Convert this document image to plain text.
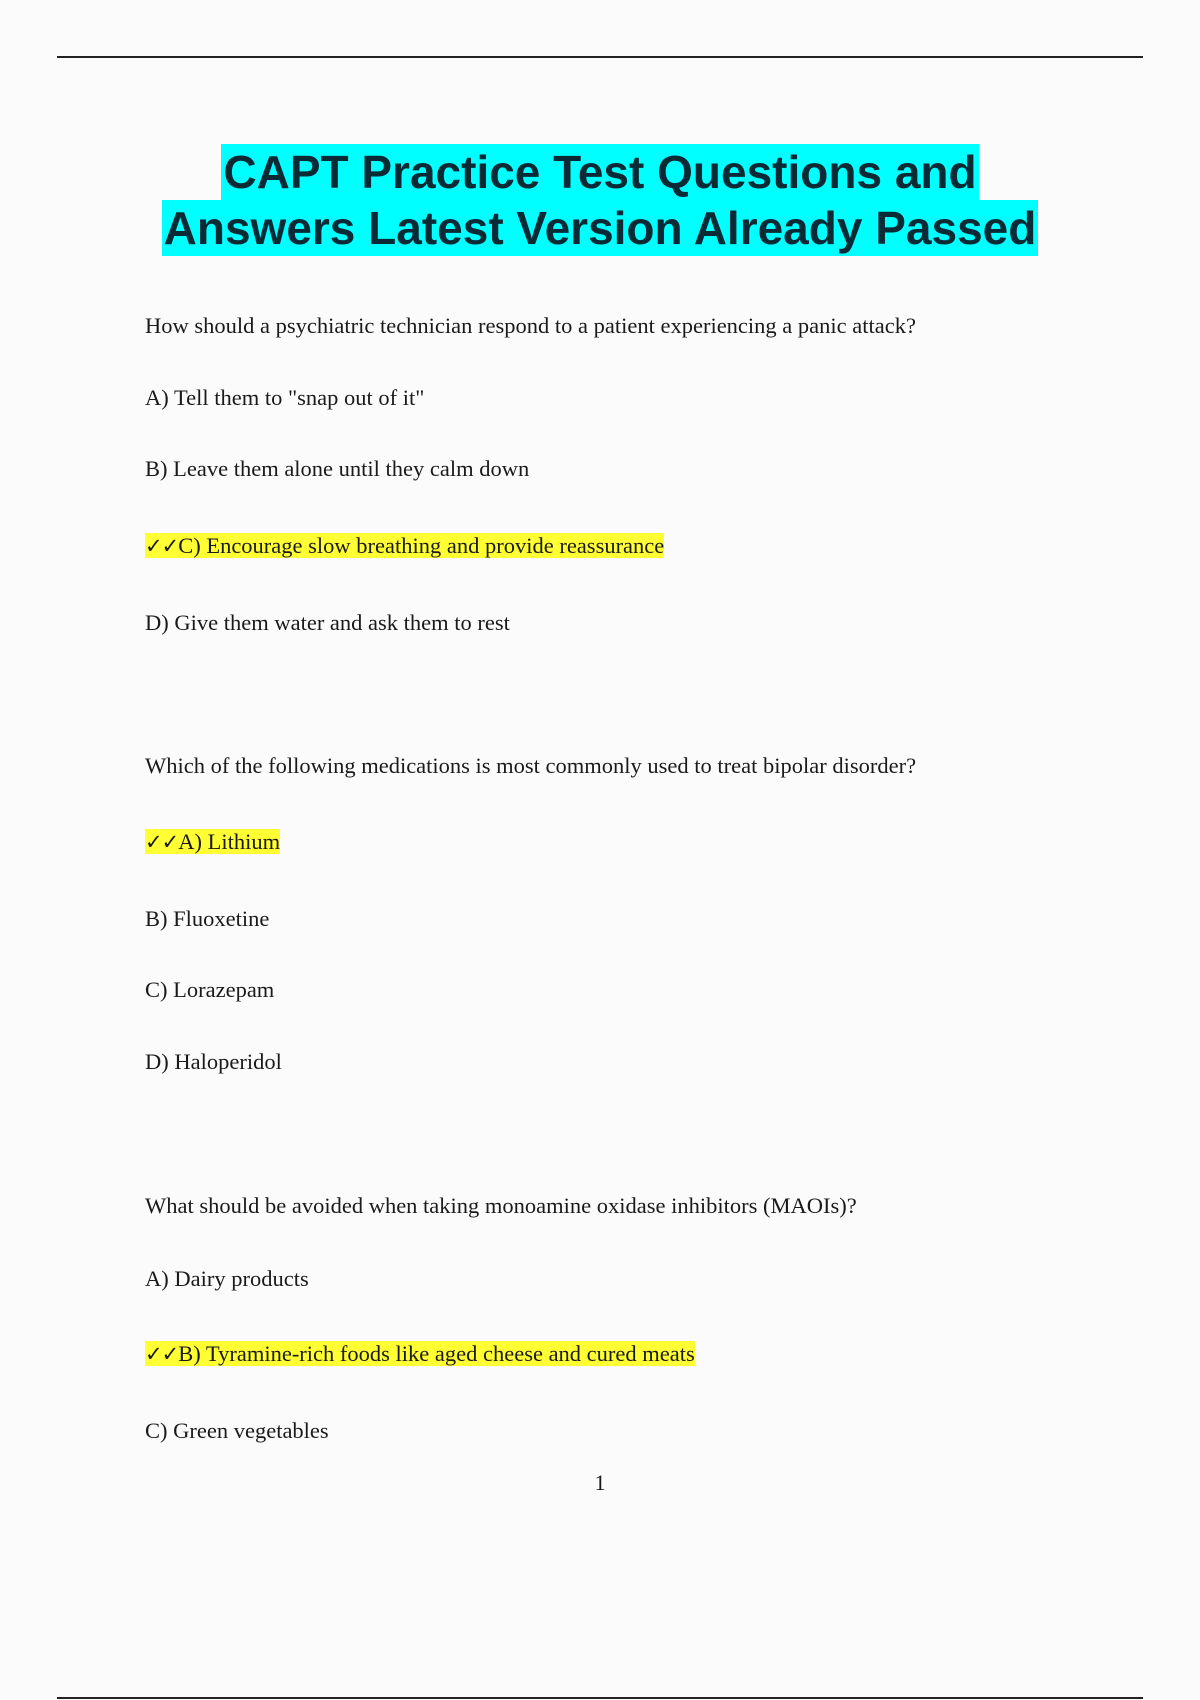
CAPT Practice Test Questions and
Answers Latest Version Already Passed
How should a psychiatric technician respond to a patient experiencing a panic attack?
A) Tell them to "snap out of it"
B) Leave them alone until they calm down
✓✓C) Encourage slow breathing and provide reassurance
D) Give them water and ask them to rest
Which of the following medications is most commonly used to treat bipolar disorder?
✓✓A) Lithium
B) Fluoxetine
C) Lorazepam
D) Haloperidol
What should be avoided when taking monoamine oxidase inhibitors (MAOIs)?
A) Dairy products
✓✓B) Tyramine-rich foods like aged cheese and cured meats
C) Green vegetables
1
